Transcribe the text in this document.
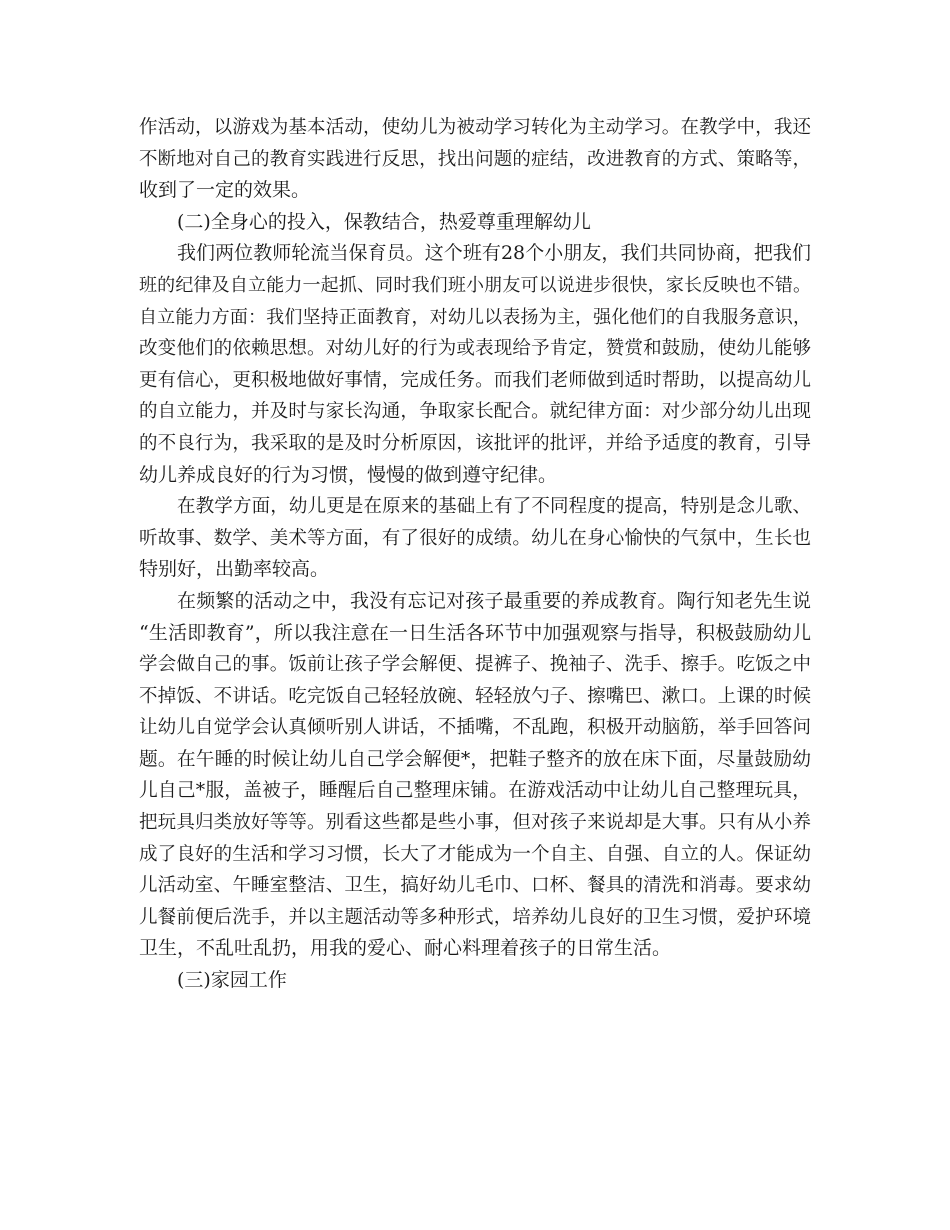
作活动，以游戏为基本活动，使幼儿为被动学习转化为主动学习。在教学中，我还
不断地对自己的教育实践进行反思，找出问题的症结，改进教育的方式、策略等，
收到了一定的效果。
(二)全身心的投入，保教结合，热爱尊重理解幼儿
我们两位教师轮流当保育员。这个班有28个小朋友，我们共同协商，把我们
班的纪律及自立能力一起抓、同时我们班小朋友可以说进步很快，家长反映也不错。
自立能力方面：我们坚持正面教育，对幼儿以表扬为主，强化他们的自我服务意识，
改变他们的依赖思想。对幼儿好的行为或表现给予肯定，赞赏和鼓励，使幼儿能够
更有信心，更积极地做好事情，完成任务。而我们老师做到适时帮助，以提高幼儿
的自立能力，并及时与家长沟通，争取家长配合。就纪律方面：对少部分幼儿出现
的不良行为，我采取的是及时分析原因，该批评的批评，并给予适度的教育，引导
幼儿养成良好的行为习惯，慢慢的做到遵守纪律。
在教学方面，幼儿更是在原来的基础上有了不同程度的提高，特别是念儿歌、
听故事、数学、美术等方面，有了很好的成绩。幼儿在身心愉快的气氛中，生长也
特别好，出勤率较高。
在频繁的活动之中，我没有忘记对孩子最重要的养成教育。陶行知老先生说
“生活即教育”，所以我注意在一日生活各环节中加强观察与指导，积极鼓励幼儿
学会做自己的事。饭前让孩子学会解便、提裤子、挽袖子、洗手、擦手。吃饭之中
不掉饭、不讲话。吃完饭自己轻轻放碗、轻轻放勺子、擦嘴巴、漱口。上课的时候
让幼儿自觉学会认真倾听别人讲话，不插嘴，不乱跑，积极开动脑筋，举手回答问
题。在午睡的时候让幼儿自己学会解便*，把鞋子整齐的放在床下面，尽量鼓励幼
儿自己*服，盖被子，睡醒后自己整理床铺。在游戏活动中让幼儿自己整理玩具，
把玩具归类放好等等。别看这些都是些小事，但对孩子来说却是大事。只有从小养
成了良好的生活和学习习惯，长大了才能成为一个自主、自强、自立的人。保证幼
儿活动室、午睡室整洁、卫生，搞好幼儿毛巾、口杯、餐具的清洗和消毒。要求幼
儿餐前便后洗手，并以主题活动等多种形式，培养幼儿良好的卫生习惯，爱护环境
卫生，不乱吐乱扔，用我的爱心、耐心料理着孩子的日常生活。
(三)家园工作
